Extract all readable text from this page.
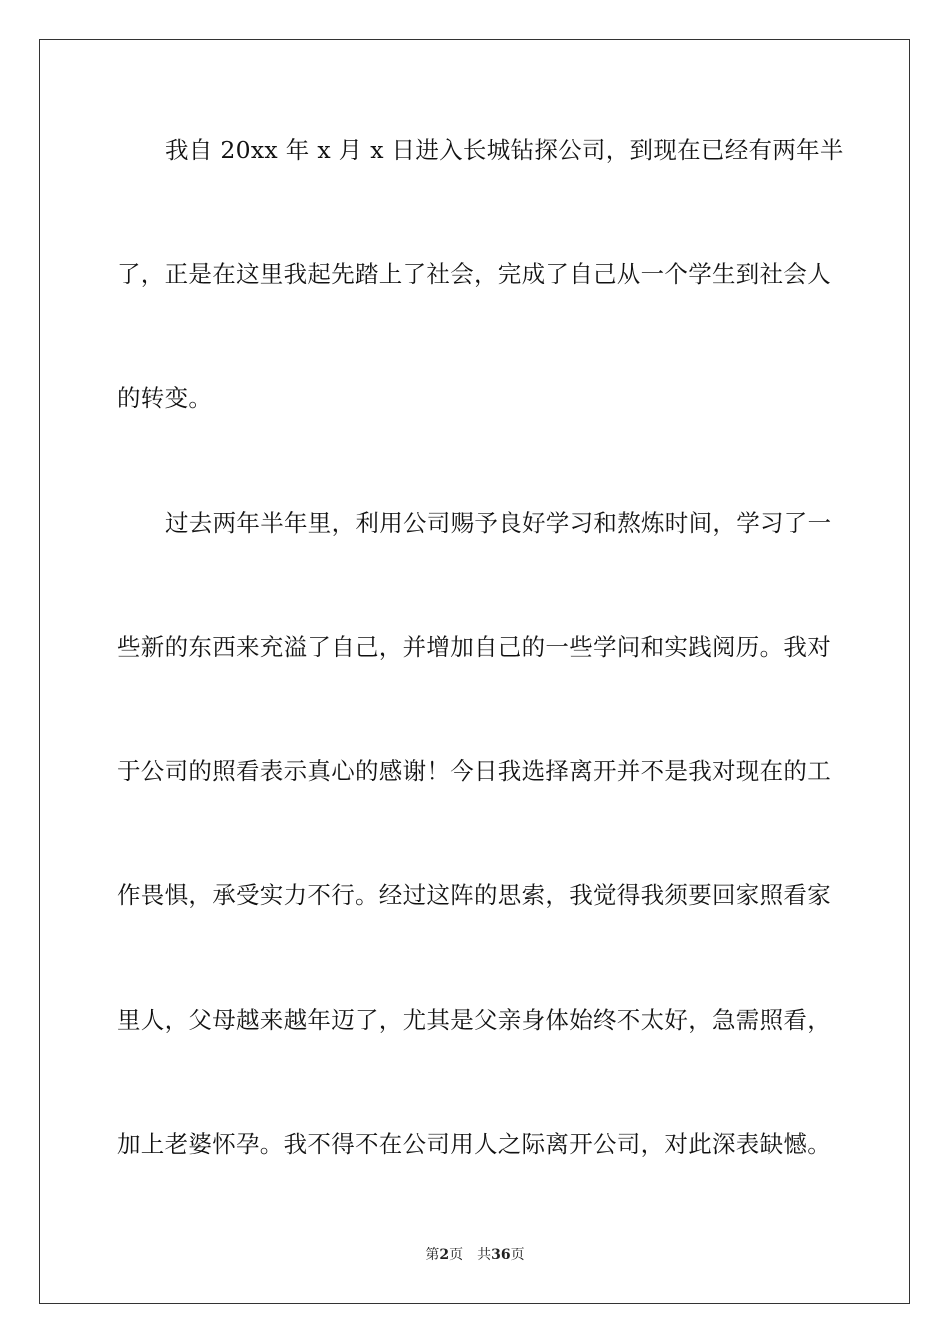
我自 20xx 年 x 月 x 日进入长城钻探公司，到现在已经有两年半
了，正是在这里我起先踏上了社会，完成了自己从一个学生到社会人
的转变。
过去两年半年里，利用公司赐予良好学习和熬炼时间，学习了一
些新的东西来充溢了自己，并增加自己的一些学问和实践阅历。我对
于公司的照看表示真心的感谢！今日我选择离开并不是我对现在的工
作畏惧，承受实力不行。经过这阵的思索，我觉得我须要回家照看家
里人，父母越来越年迈了，尤其是父亲身体始终不太好，急需照看，
加上老婆怀孕。我不得不在公司用人之际离开公司，对此深表缺憾。
第2页 共36页
